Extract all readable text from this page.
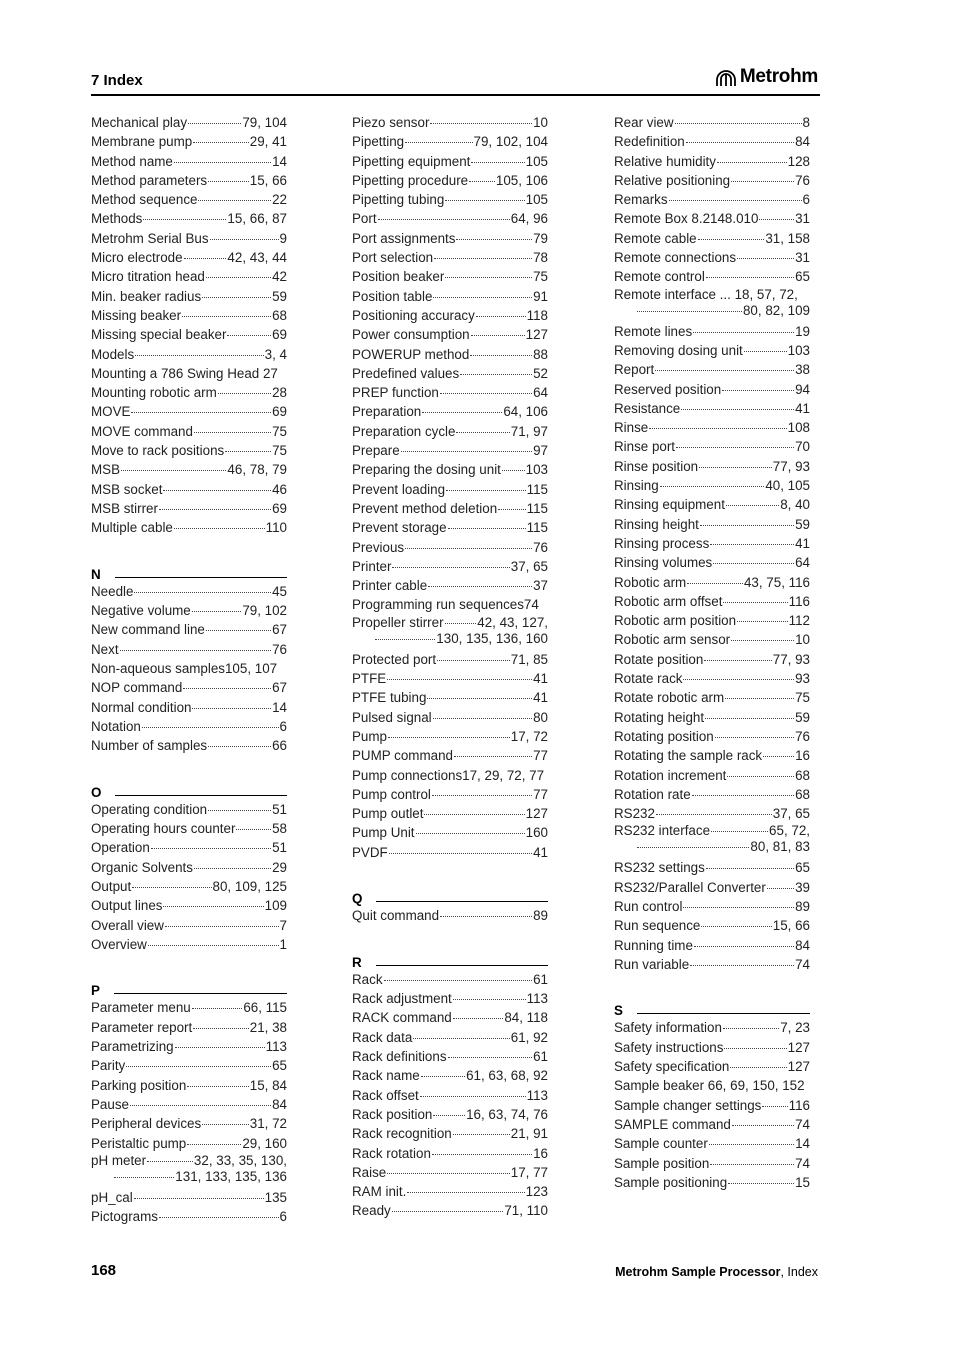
7 Index	Metrohm
Mechanical play	79, 104
Membrane pump	29, 41
Method name	14
Method parameters	15, 66
Method sequence	22
Methods	15, 66, 87
Metrohm Serial Bus	9
Micro electrode	42, 43, 44
Micro titration head	42
Min. beaker radius	59
Missing beaker	68
Missing special beaker	69
Models	3, 4
Mounting a 786 Swing Head 27
Mounting robotic arm	28
MOVE	69
MOVE command	75
Move to rack positions	75
MSB	46, 78, 79
MSB socket	46
MSB stirrer	69
Multiple cable	110
N
Needle	45
Negative volume	79, 102
New command line	67
Next	76
Non-aqueous samples105, 107
NOP command	67
Normal condition	14
Notation	6
Number of samples	66
O
Operating condition	51
Operating hours counter	58
Operation	51
Organic Solvents	29
Output	80, 109, 125
Output lines	109
Overall view	7
Overview	1
P
Parameter menu	66, 115
Parameter report	21, 38
Parametrizing	113
Parity	65
Parking position	15, 84
Pause	84
Peripheral devices	31, 72
Peristaltic pump	29, 160
pH meter	32, 33, 35, 130,
131, 133, 135, 136
pH_cal	135
Pictograms	6
Piezo sensor	10
Pipetting	79, 102, 104
Pipetting equipment	105
Pipetting procedure 105, 106
Pipetting tubing	105
Port	64, 96
Port assignments	79
Port selection	78
Position beaker	75
Position table	91
Positioning accuracy	118
Power consumption	127
POWERUP method	88
Predefined values	52
PREP function	64
Preparation	64, 106
Preparation cycle	71, 97
Prepare	97
Preparing the dosing unit 103
Prevent loading	115
Prevent method deletion 115
Prevent storage	115
Previous	76
Printer	37, 65
Printer cable	37
Programming run sequences74
Propeller stirrer	42, 43, 127,
130, 135, 136, 160
Protected port	71, 85
PTFE	41
PTFE tubing	41
Pulsed signal	80
Pump	17, 72
PUMP command	77
Pump connections17, 29, 72, 77
Pump control	77
Pump outlet	127
Pump Unit	160
PVDF	41
Q
Quit command	89
R
Rack	61
Rack adjustment	113
RACK command	84, 118
Rack data	61, 92
Rack definitions	61
Rack name	61, 63, 68, 92
Rack offset	113
Rack position	16, 63, 74, 76
Rack recognition	21, 91
Rack rotation	16
Raise	17, 77
RAM init.	123
Ready	71, 110
Rear view	8
Redefinition	84
Relative humidity	128
Relative positioning	76
Remarks	6
Remote Box 8.2148.010	31
Remote cable	31, 158
Remote connections	31
Remote control	65
Remote interface ... 18, 57, 72,
80, 82, 109
Remote lines	19
Removing dosing unit	103
Report	38
Reserved position	94
Resistance	41
Rinse	108
Rinse port	70
Rinse position	77, 93
Rinsing	40, 105
Rinsing equipment	8, 40
Rinsing height	59
Rinsing process	41
Rinsing volumes	64
Robotic arm	43, 75, 116
Robotic arm offset	116
Robotic arm position	112
Robotic arm sensor	10
Rotate position	77, 93
Rotate rack	93
Rotate robotic arm	75
Rotating height	59
Rotating position	76
Rotating the sample rack 16
Rotation increment	68
Rotation rate	68
RS232	37, 65
RS232 interface	65, 72,
80, 81, 83
RS232 settings	65
RS232/Parallel Converter 39
Run control	89
Run sequence	15, 66
Running time	84
Run variable	74
S
Safety information	7, 23
Safety instructions	127
Safety specification	127
Sample beaker 66, 69, 150, 152
Sample changer settings 116
SAMPLE command	74
Sample counter	14
Sample position	74
Sample positioning	15
168	Metrohm Sample Processor, Index
